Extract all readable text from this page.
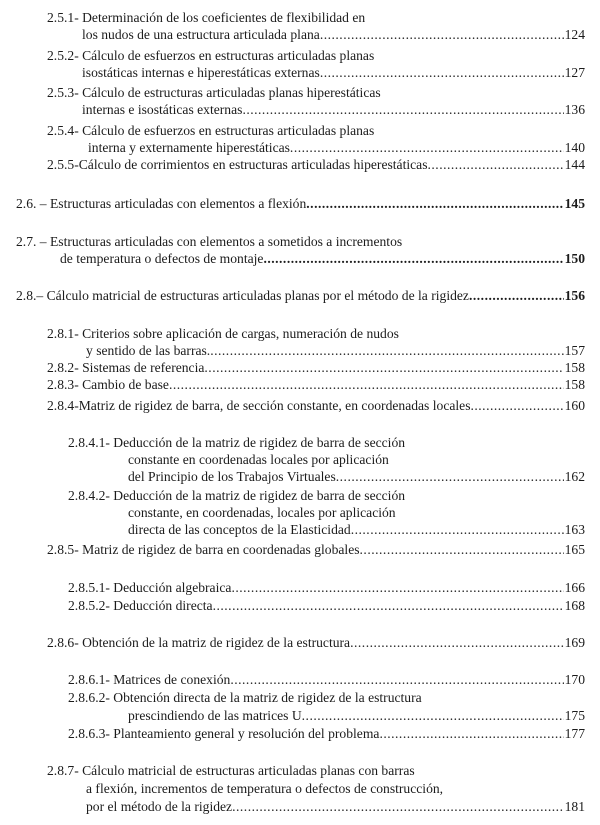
2.5.1- Determinación de los coeficientes de flexibilidad en
los nudos de una estructura articulada plana .....	124
2.5.2- Cálculo de esfuerzos en estructuras articuladas planas
isostáticas internas e hiperestáticas externas .....	127
2.5.3- Cálculo de estructuras articuladas planas hiperestáticas
internas e isostáticas externas .....	136
2.5.4- Cálculo de esfuerzos en estructuras articuladas planas
interna y externamente hiperestáticas .....	140
2.5.5-Cálculo de corrimientos en estructuras articuladas hiperestáticas .....	144
2.6. – Estructuras articuladas con elementos a flexión .....	145
2.7. – Estructuras articuladas con elementos a sometidos a incrementos
de temperatura o defectos de montaje .....	150
2.8.– Cálculo matricial de estructuras articuladas planas por el método de la rigidez .....	156
2.8.1- Criterios sobre aplicación de cargas, numeración de nudos
y sentido de las barras. .....	157
2.8.2- Sistemas de referencia .....	158
2.8.3- Cambio de base .....	158
2.8.4-Matriz de rigidez de barra, de sección constante, en coordenadas locales .....	160
2.8.4.1- Deducción de la matriz de rigidez de barra de sección
constante en coordenadas locales por aplicación
del Principio de los Trabajos Virtuales .....	162
2.8.4.2- Deducción de la matriz de rigidez de barra de sección
constante, en coordenadas, locales por aplicación
directa de las conceptos de la Elasticidad .....	163
2.8.5- Matriz de rigidez de barra en coordenadas globales .....	165
2.8.5.1- Deducción algebraica .....	166
2.8.5.2- Deducción directa .....	168
2.8.6- Obtención de la matriz de rigidez de la estructura .....	169
2.8.6.1- Matrices de conexión .....	170
2.8.6.2- Obtención directa de la matriz de rigidez de la estructura
prescindiendo de las matrices U .....	175
2.8.6.3- Planteamiento general y resolución del problema .....	177
2.8.7- Cálculo matricial de estructuras articuladas planas con barras
a flexión, incrementos de temperatura o defectos de construcción,
por el método de la rigidez .....	181
